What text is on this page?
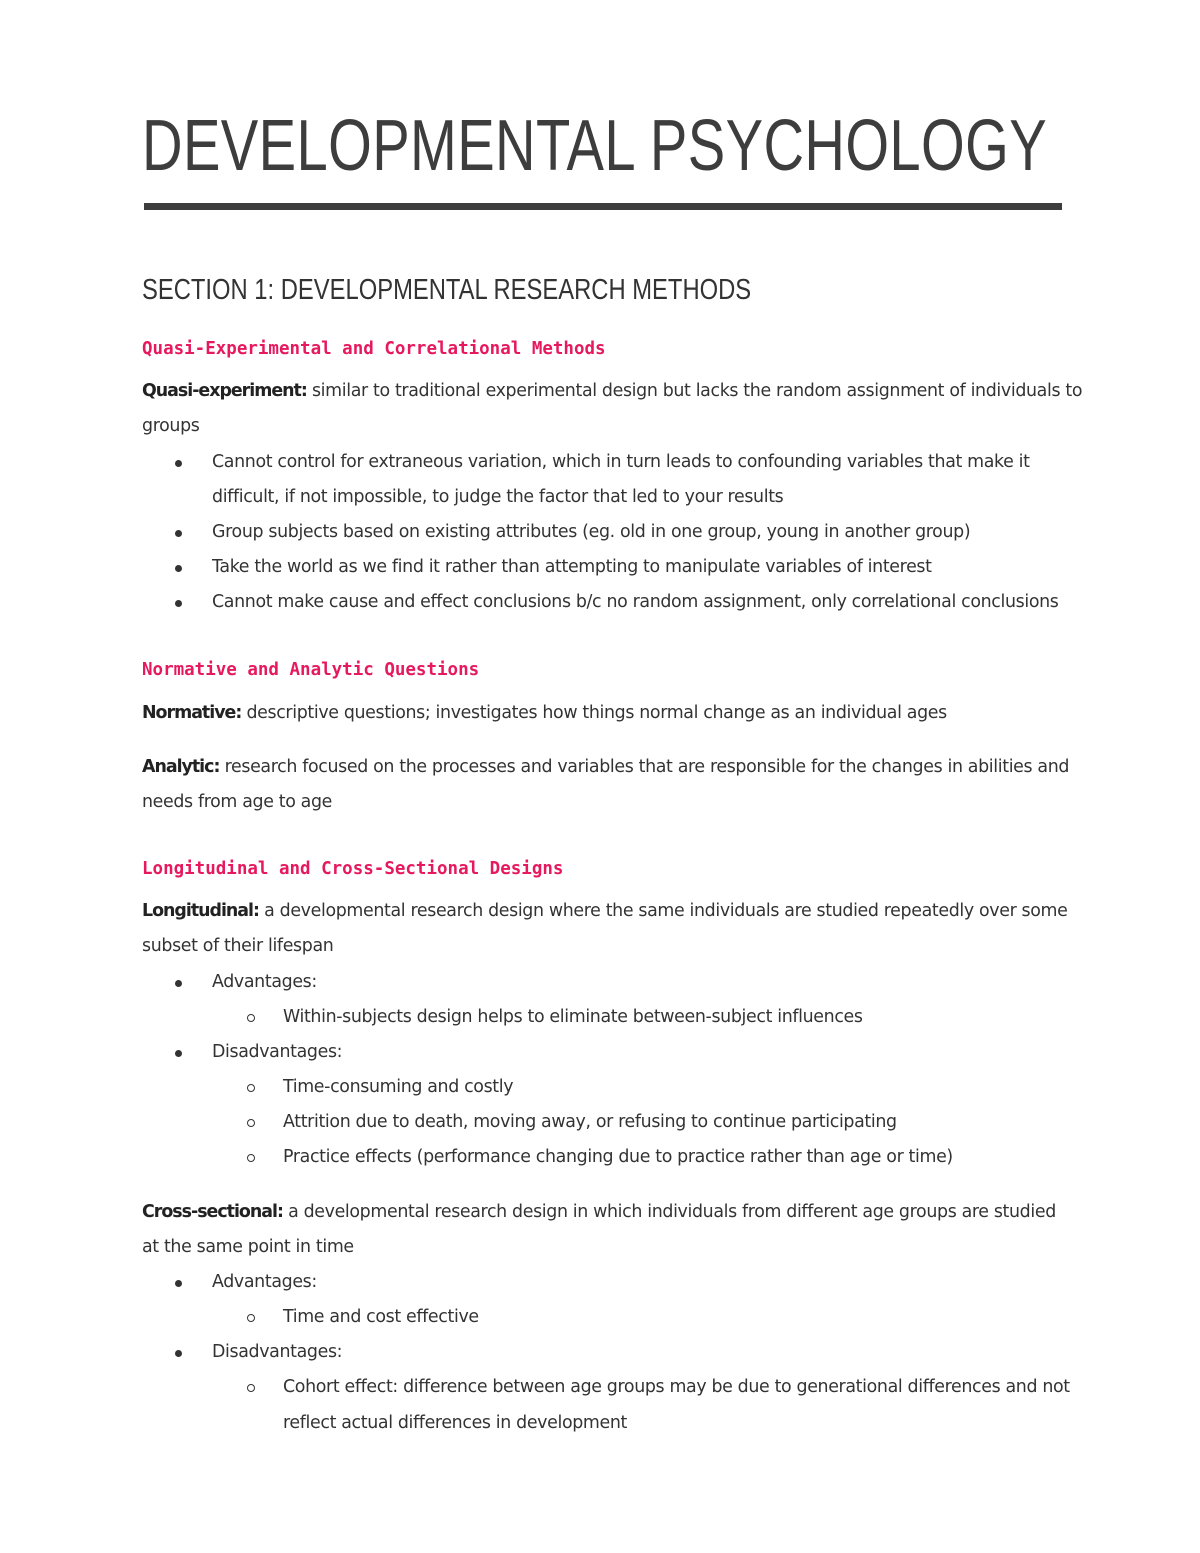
DEVELOPMENTAL PSYCHOLOGY
SECTION 1: DEVELOPMENTAL RESEARCH METHODS
Quasi-Experimental and Correlational Methods
Quasi-experiment: similar to traditional experimental design but lacks the random assignment of individuals to
groups
Cannot control for extraneous variation, which in turn leads to confounding variables that make it
difficult, if not impossible, to judge the factor that led to your results
Group subjects based on existing attributes (eg. old in one group, young in another group)
Take the world as we find it rather than attempting to manipulate variables of interest
Cannot make cause and effect conclusions b/c no random assignment, only correlational conclusions
Normative and Analytic Questions
Normative: descriptive questions; investigates how things normal change as an individual ages
Analytic: research focused on the processes and variables that are responsible for the changes in abilities and
needs from age to age
Longitudinal and Cross-Sectional Designs
Longitudinal: a developmental research design where the same individuals are studied repeatedly over some
subset of their lifespan
Advantages:
Within-subjects design helps to eliminate between-subject influences
Disadvantages:
Time-consuming and costly
Attrition due to death, moving away, or refusing to continue participating
Practice effects (performance changing due to practice rather than age or time)
Cross-sectional: a developmental research design in which individuals from different age groups are studied
at the same point in time
Advantages:
Time and cost effective
Disadvantages:
Cohort effect: difference between age groups may be due to generational differences and not
reflect actual differences in development
